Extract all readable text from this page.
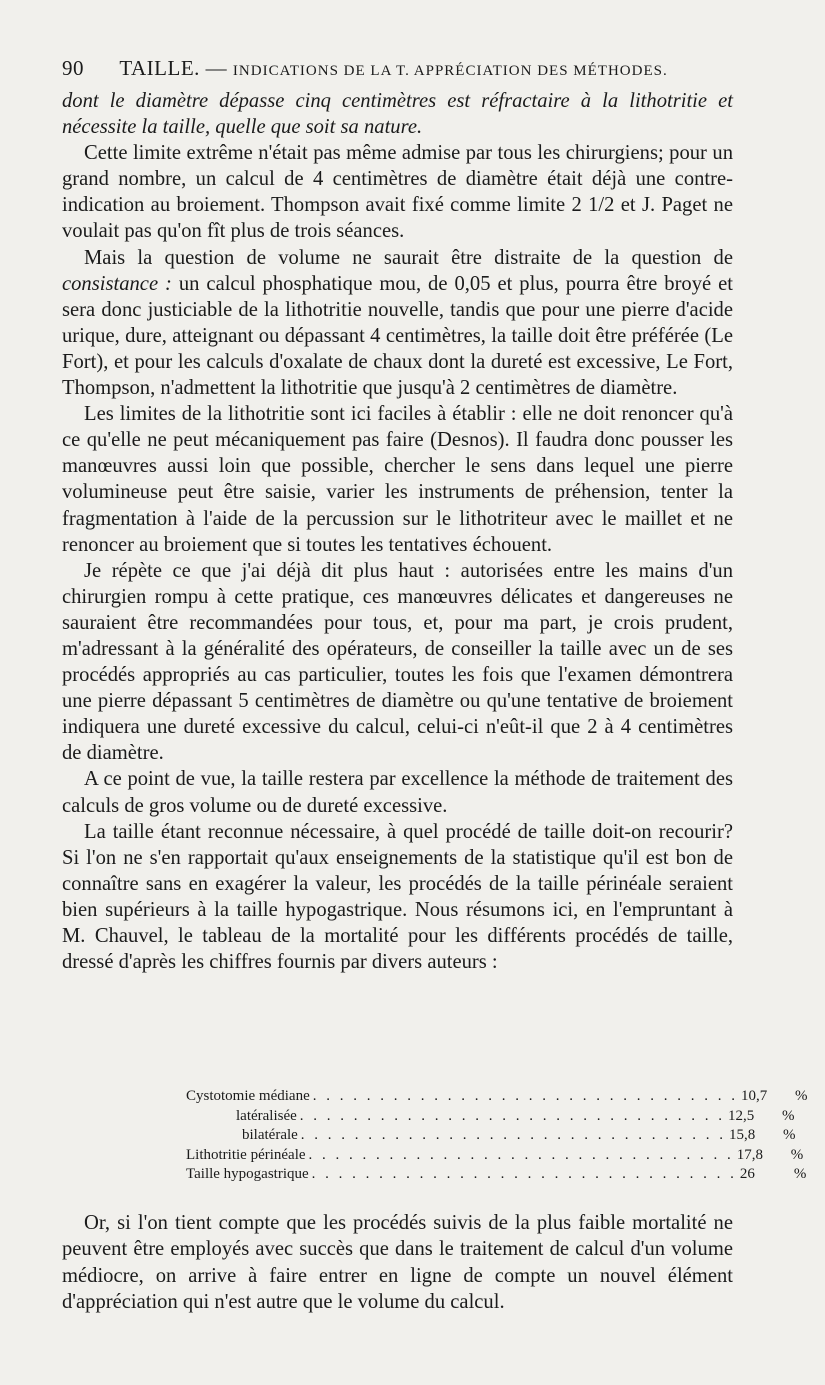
90 TAILLE. — INDICATIONS DE LA T. APPRÉCIATION DES MÉTHODES.

dont le diamètre dépasse cinq centimètres est réfractaire à la lithotritie et nécessite la taille, quelle que soit sa nature.

Cette limite extrême n'était pas même admise par tous les chirurgiens; pour un grand nombre, un calcul de 4 centimètres de diamètre était déjà une contre-indication au broiement. Thompson avait fixé comme limite 2 1/2 et J. Paget ne voulait pas qu'on fît plus de trois séances.

Mais la question de volume ne saurait être distraite de la question de consistance : un calcul phosphatique mou, de 0,05 et plus, pourra être broyé et sera donc justiciable de la lithotritie nouvelle, tandis que pour une pierre d'acide urique, dure, atteignant ou dépassant 4 centimètres, la taille doit être préférée (Le Fort), et pour les calculs d'oxalate de chaux dont la dureté est excessive, Le Fort, Thompson, n'admettent la lithotritie que jusqu'à 2 centimètres de diamètre.

Les limites de la lithotritie sont ici faciles à établir : elle ne doit renoncer qu'à ce qu'elle ne peut mécaniquement pas faire (Desnos). Il faudra donc pousser les manœuvres aussi loin que possible, chercher le sens dans lequel une pierre volumineuse peut être saisie, varier les instruments de préhension, tenter la fragmentation à l'aide de la percussion sur le lithotriteur avec le maillet et ne renoncer au broiement que si toutes les tentatives échouent.

Je répète ce que j'ai déjà dit plus haut : autorisées entre les mains d'un chirurgien rompu à cette pratique, ces manœuvres délicates et dangereuses ne sauraient être recommandées pour tous, et, pour ma part, je crois prudent, m'adressant à la généralité des opérateurs, de conseiller la taille avec un de ses procédés appropriés au cas particulier, toutes les fois que l'examen démontrera une pierre dépassant 5 centimètres de diamètre ou qu'une tentative de broiement indiquera une dureté excessive du calcul, celui-ci n'eût-il que 2 à 4 centimètres de diamètre.

A ce point de vue, la taille restera par excellence la méthode de traitement des calculs de gros volume ou de dureté excessive.

La taille étant reconnue nécessaire, à quel procédé de taille doit-on recourir? Si l'on ne s'en rapportait qu'aux enseignements de la statistique qu'il est bon de connaître sans en exagérer la valeur, les procédés de la taille périnéale seraient bien supérieurs à la taille hypogastrique. Nous résumons ici, en l'empruntant à M. Chauvel, le tableau de la mortalité pour les différents procédés de taille, dressé d'après les chiffres fournis par divers auteurs :

Cystotomie médiane . . . . . . . . . . . . . . . . . . . . . . . . . . . . . . . . 10,7	%
latéralisée . . . . . . . . . . . . . . . . . . . . . . . . . . . . . . . . 12,5	%
bilatérale . . . . . . . . . . . . . . . . . . . . . . . . . . . . . . . . 15,8	%
Lithotritie périnéale . . . . . . . . . . . . . . . . . . . . . . . . . . . . . . . . 17,8	%
Taille hypogastrique . . . . . . . . . . . . . . . . . . . . . . . . . . . . . . . . 26	%

Or, si l'on tient compte que les procédés suivis de la plus faible mortalité ne peuvent être employés avec succès que dans le traitement de calcul d'un volume médiocre, on arrive à faire entrer en ligne de compte un nouvel élément d'appréciation qui n'est autre que le volume du calcul.
